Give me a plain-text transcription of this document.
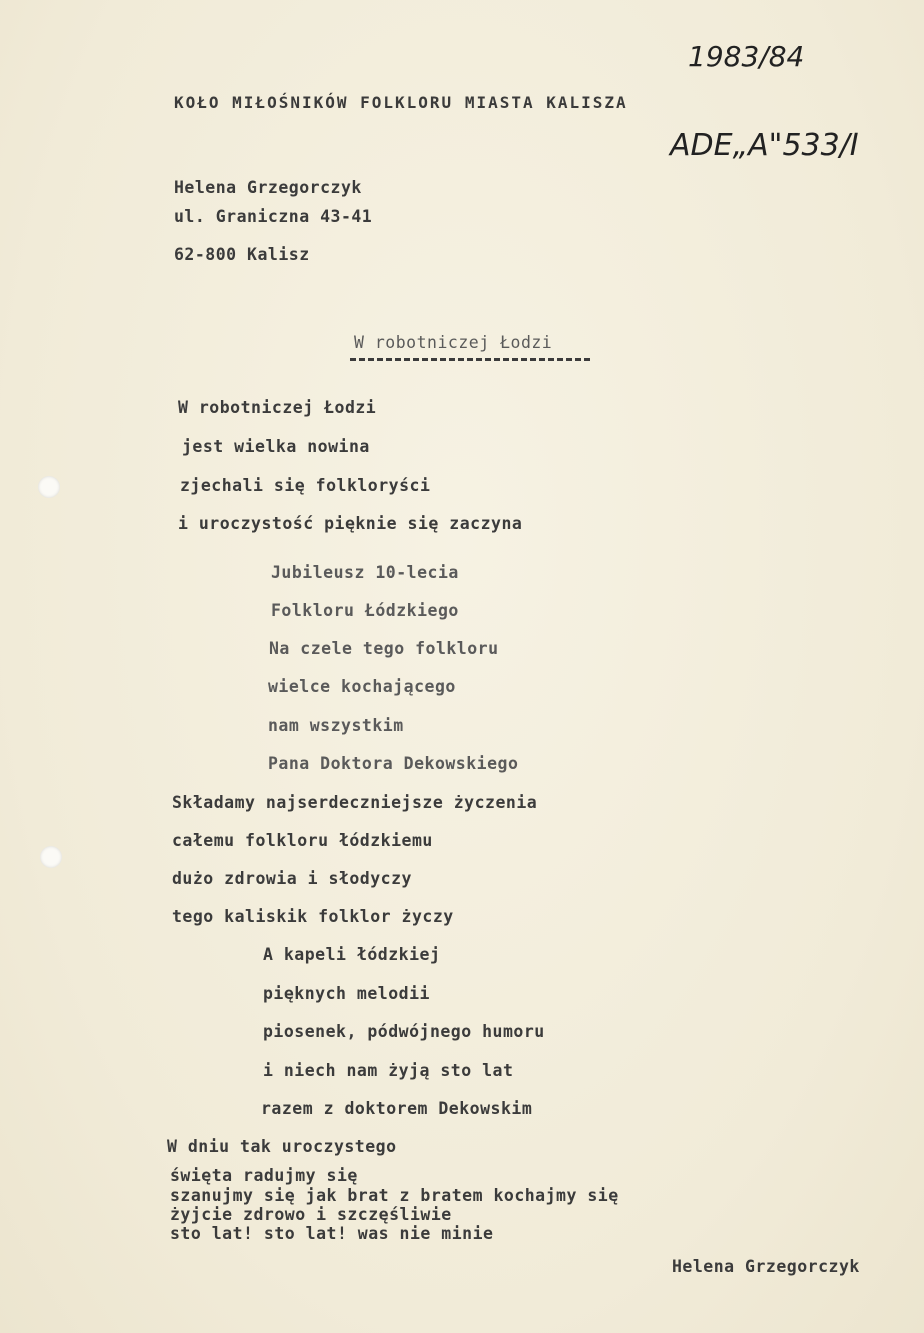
1983/84
ADE„A"533/I
KOŁO MIŁOŚNIKÓW FOLKLORU MIASTA KALISZA
Helena Grzegorczyk
ul. Graniczna 43-41
62-800 Kalisz
W robotniczej Łodzi
W robotniczej Łodzi
jest wielka nowina
zjechali się folkloryści
i uroczystość pięknie się zaczyna
Jubileusz 10-lecia
Folkloru Łódzkiego
Na czele tego folkloru
wielce kochającego
nam wszystkim
Pana Doktora Dekowskiego
Składamy najserdeczniejsze życzenia
całemu folkloru łódzkiemu
dużo zdrowia i słodyczy
tego kaliskik folklor życzy
A kapeli łódzkiej
pięknych melodii
piosenek, pódwójnego humoru
i niech nam żyją sto lat
razem z doktorem Dekowskim
W dniu tak uroczystego
święta radujmy się
szanujmy się jak brat z bratem kochajmy się
żyjcie zdrowo i szczęśliwie
sto lat! sto lat! was nie minie
Helena Grzegorczyk
